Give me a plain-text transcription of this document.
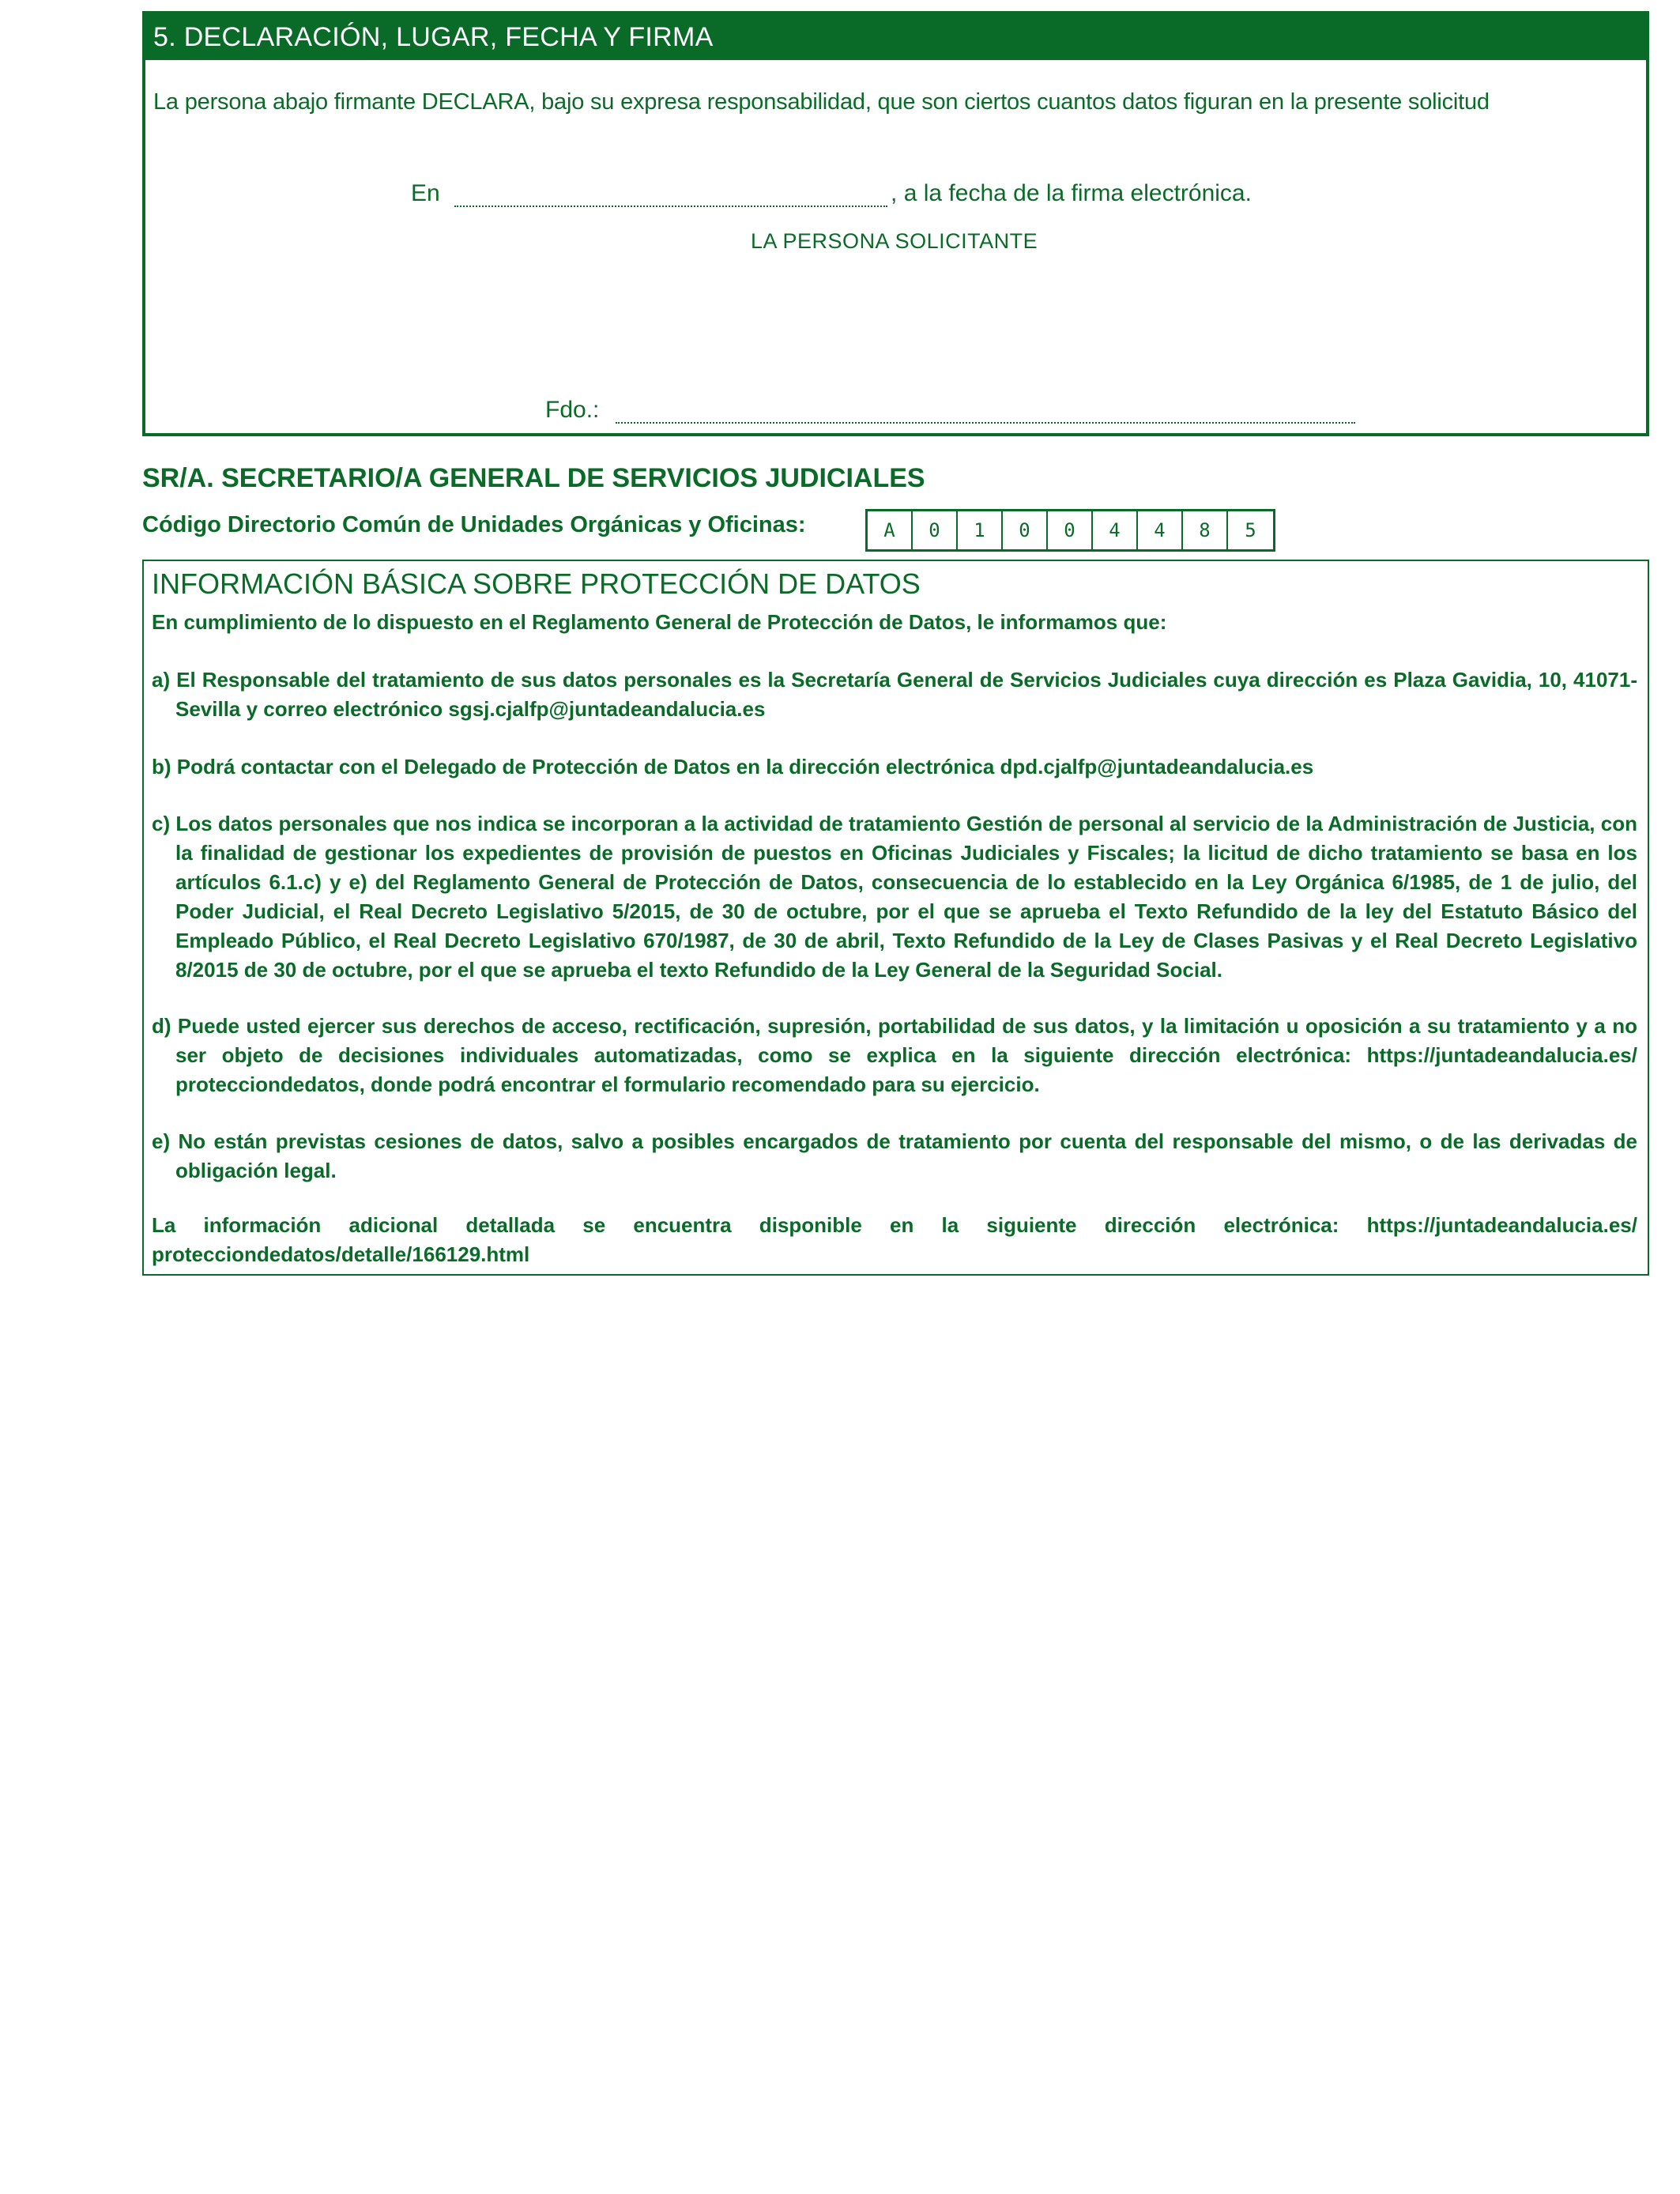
5. DECLARACIÓN, LUGAR, FECHA Y FIRMA
La persona abajo firmante DECLARA, bajo su expresa responsabilidad, que son ciertos cuantos datos figuran en la presente solicitud
En	, a la fecha de la firma electrónica.
LA PERSONA SOLICITANTE
Fdo.:
SR/A. SECRETARIO/A GENERAL DE SERVICIOS JUDICIALES
Código Directorio Común de Unidades Orgánicas y Oficinas:	A	0	1	0	0	4	4	8	5
INFORMACIÓN BÁSICA SOBRE PROTECCIÓN DE DATOS
En cumplimiento de lo dispuesto en el Reglamento General de Protección de Datos, le informamos que:
a) El Responsable del tratamiento de sus datos personales es la Secretaría General de Servicios Judiciales cuya dirección es Plaza Gavidia, 10, 41071-Sevilla y correo electrónico sgsj.cjalfp@juntadeandalucia.es
b) Podrá contactar con el Delegado de Protección de Datos en la dirección electrónica dpd.cjalfp@juntadeandalucia.es
c) Los datos personales que nos indica se incorporan a la actividad de tratamiento Gestión de personal al servicio de la Administración de Justicia, con la finalidad de gestionar los expedientes de provisión de puestos en Oficinas Judiciales y Fiscales; la licitud de dicho tratamiento se basa en los artículos 6.1.c) y e) del Reglamento General de Protección de Datos, consecuencia de lo establecido en la Ley Orgánica 6/1985, de 1 de julio, del Poder Judicial, el Real Decreto Legislativo 5/2015, de 30 de octubre, por el que se aprueba el Texto Refundido de la ley del Estatuto Básico del Empleado Público, el Real Decreto Legislativo 670/1987, de 30 de abril, Texto Refundido de la Ley de Clases Pasivas y el Real Decreto Legislativo 8/2015 de 30 de octubre, por el que se aprueba el texto Refundido de la Ley General de la Seguridad Social.
d) Puede usted ejercer sus derechos de acceso, rectificación, supresión, portabilidad de sus datos, y la limitación u oposición a su tratamiento y a no ser objeto de decisiones individuales automatizadas, como se explica en la siguiente dirección electrónica: https://juntadeandalucia.es/ protecciondedatos, donde podrá encontrar el formulario recomendado para su ejercicio.
e) No están previstas cesiones de datos, salvo a posibles encargados de tratamiento por cuenta del responsable del mismo, o de las derivadas de obligación legal.
La información adicional detallada se encuentra disponible en la siguiente dirección electrónica: https://juntadeandalucia.es/
protecciondedatos/detalle/166129.html
